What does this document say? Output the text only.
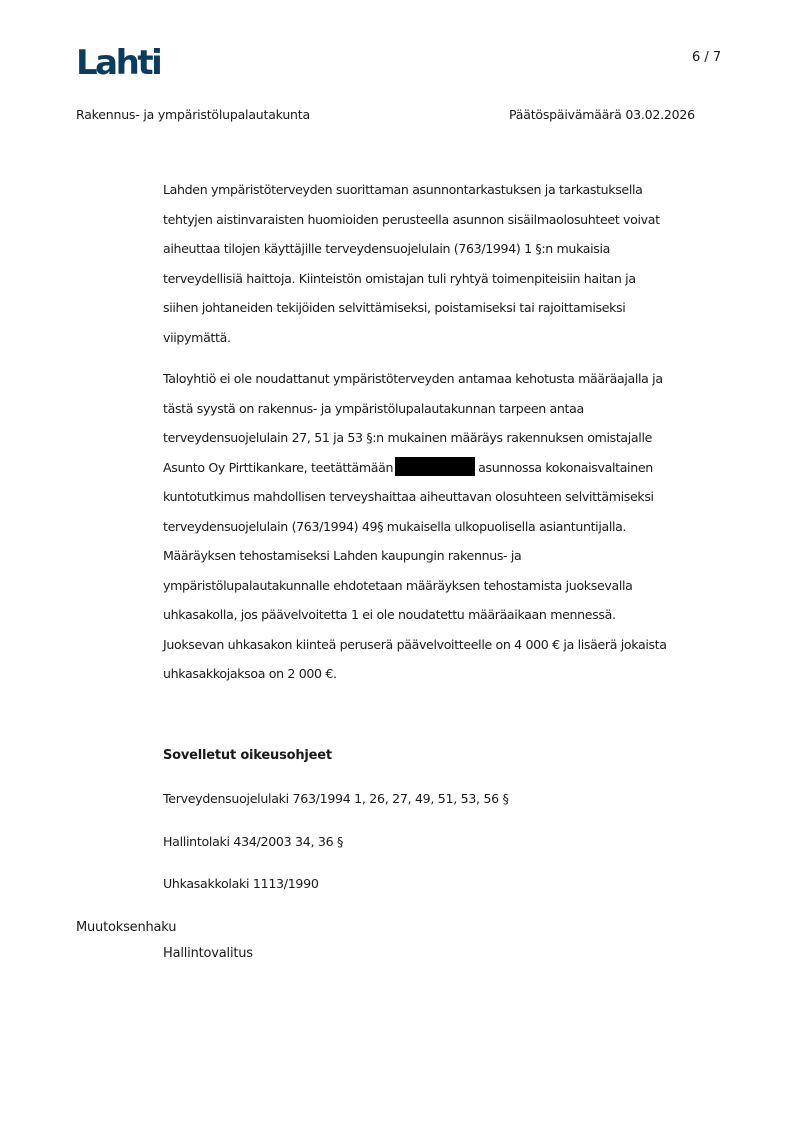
Lahti	6 / 7
Rakennus- ja ympäristölupalautakunta	Päätöspäivämäärä 03.02.2026
Lahden ympäristöterveyden suorittaman asunnontarkastuksen ja tarkastuksella
tehtyjen aistinvaraisten huomioiden perusteella asunnon sisäilmaolosuhteet voivat
aiheuttaa tilojen käyttäjille terveydensuojelulain (763/1994) 1 §:n mukaisia
terveydellisiä haittoja. Kiinteistön omistajan tuli ryhtyä toimenpiteisiin haitan ja
siihen johtaneiden tekijöiden selvittämiseksi, poistamiseksi tai rajoittamiseksi
viipymättä.
Taloyhtiö ei ole noudattanut ympäristöterveyden antamaa kehotusta määräajalla ja
tästä syystä on rakennus- ja ympäristölupalautakunnan tarpeen antaa
terveydensuojelulain 27, 51 ja 53 §:n mukainen määräys rakennuksen omistajalle
Asunto Oy Pirttikankare, teetättämään	asunnossa kokonaisvaltainen
kuntotutkimus mahdollisen terveyshaittaa aiheuttavan olosuhteen selvittämiseksi
terveydensuojelulain (763/1994) 49§ mukaisella ulkopuolisella asiantuntijalla.
Määräyksen tehostamiseksi Lahden kaupungin rakennus- ja
ympäristölupalautakunnalle ehdotetaan määräyksen tehostamista juoksevalla
uhkasakolla, jos päävelvoitetta 1 ei ole noudatettu määräaikaan mennessä.
Juoksevan uhkasakon kiinteä peruserä päävelvoitteelle on 4 000 € ja lisäerä jokaista
uhkasakkojaksoa on 2 000 €.
Sovelletut oikeusohjeet
Terveydensuojelulaki 763/1994 1, 26, 27, 49, 51, 53, 56 §
Hallintolaki 434/2003 34, 36 §
Uhkasakkolaki 1113/1990
Muutoksenhaku
Hallintovalitus
